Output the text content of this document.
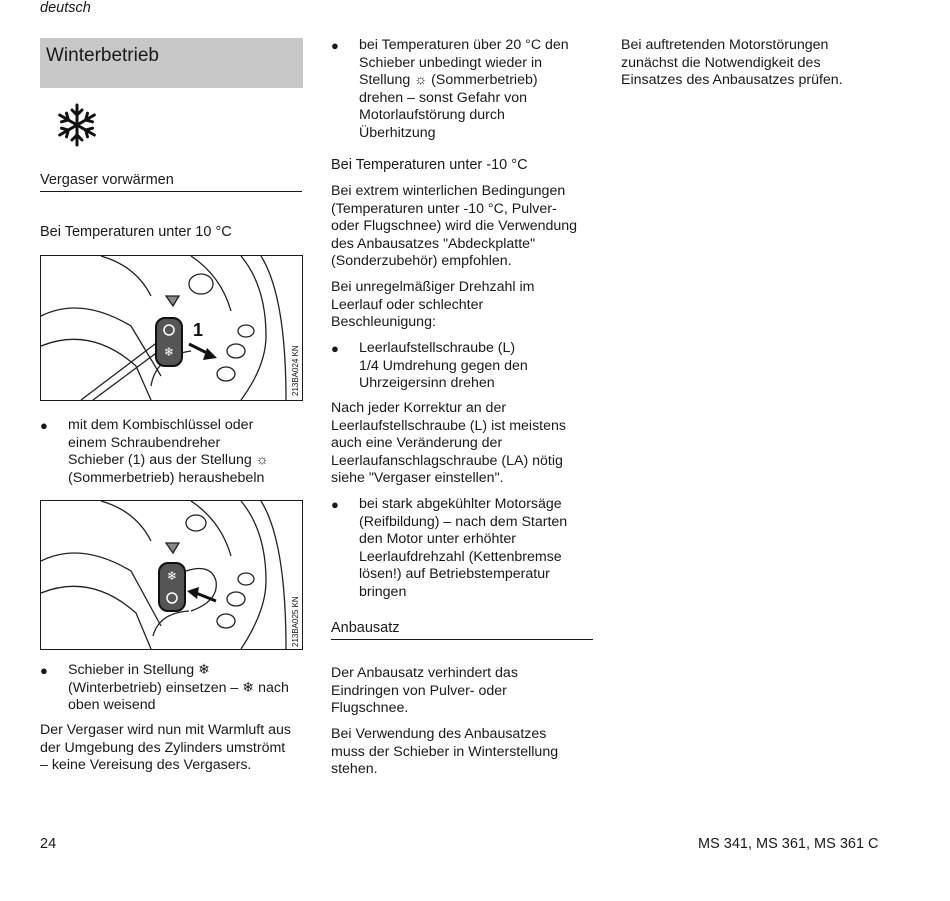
deutsch
Winterbetrieb
Vergaser vorwärmen
Bei Temperaturen unter 10 °C
❄
1
213BA024 KN
● mit dem Kombischlüssel oder
einem Schraubendreher
Schieber (1) aus der Stellung ☼
(Sommerbetrieb) heraushebeln
❄
213BA025 KN
● Schieber in Stellung ❄
(Winterbetrieb) einsetzen – ❄ nach
oben weisend
Der Vergaser wird nun mit Warmluft aus
der Umgebung des Zylinders umströmt
– keine Vereisung des Vergasers.
● bei Temperaturen über 20 °C den
Schieber unbedingt wieder in
Stellung ☼ (Sommerbetrieb)
drehen – sonst Gefahr von
Motorlaufstörung durch
Überhitzung
Bei Temperaturen unter -10 °C
Bei extrem winterlichen Bedingungen
(Temperaturen unter -10 °C, Pulver-
oder Flugschnee) wird die Verwendung
des Anbausatzes "Abdeckplatte"
(Sonderzubehör) empfohlen.
Bei unregelmäßiger Drehzahl im
Leerlauf oder schlechter
Beschleunigung:
● Leerlaufstellschraube (L)
1/4 Umdrehung gegen den
Uhrzeigersinn drehen
Nach jeder Korrektur an der
Leerlaufstellschraube (L) ist meistens
auch eine Veränderung der
Leerlaufanschlagschraube (LA) nötig
siehe "Vergaser einstellen".
● bei stark abgekühlter Motorsäge
(Reifbildung) – nach dem Starten
den Motor unter erhöhter
Leerlaufdrehzahl (Kettenbremse
lösen!) auf Betriebstemperatur
bringen
Anbausatz
Der Anbausatz verhindert das
Eindringen von Pulver- oder
Flugschnee.
Bei Verwendung des Anbausatzes
muss der Schieber in Winterstellung
stehen.
Bei auftretenden Motorstörungen
zunächst die Notwendigkeit des
Einsatzes des Anbausatzes prüfen.
24	MS 341, MS 361, MS 361 C
